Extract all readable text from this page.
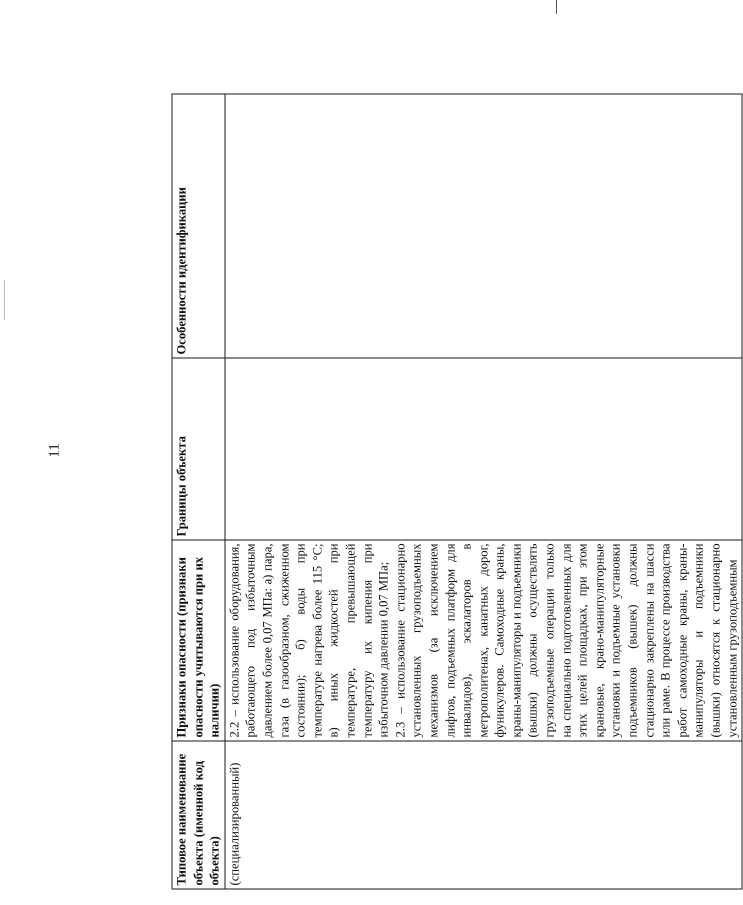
11
Типовое наименование объекта (именной код объекта)	Признаки опасности (признаки опасности учитываются при их наличии)	Границы объекта	Особенности идентификации
(специализированный)	2.2 – использование оборудования, работающего под избыточным давлением более 0,07 МПа: а) пара, газа (в газообразном, сжиженном состоянии); б) воды при температуре нагрева более 115 °С; в) иных жидкостей при температуре, превышающей температуру их кипения при избыточном давлении 0,07 МПа; 2.3 – использование стационарно установленных грузоподъемных механизмов (за исключением лифтов, подъемных платформ для инвалидов), эскалаторов в метрополитенах, канатных дорог, фуникулеров. Самоходные краны, краны-манипуляторы и подъемники (вышки) должны осуществлять грузоподъемные операции только на специально подготовленных для этих целей площадках, при этом крановые, крано-манипуляторные установки и подъемные установки подъемников (вышек) должны стационарно закреплены на шасси или раме. В процессе производства работ самоходные краны, краны-манипуляторы и подъемники (вышки) относятся к стационарно установленным грузоподъемным		
